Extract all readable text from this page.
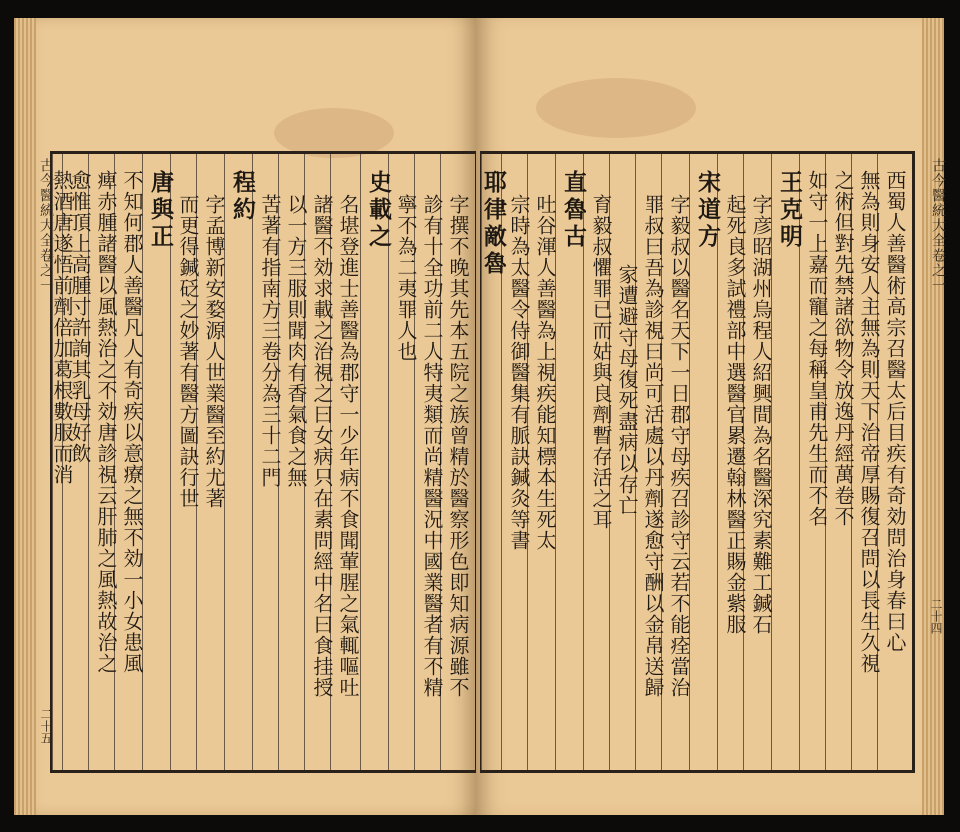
古今醫統大全卷之一
二十五
字撰不晚其先本五院之族曾精於醫察形色即知病源雖不
診有十全功前二人特夷類而尚精醫況中國業醫者有不精
寧不為二夷罪人也
史載之
名堪登進士善醫為郡守一少年病不食聞葷腥之氣輒嘔吐
諸醫不効求載之治視之曰女病只在素問經中名曰食挂授
以一方三服則聞肉有香氣食之無
苦著有指南方三卷分為三十二門
程約
字孟博新安婺源人世業醫至約尤著
而更得鍼砭之妙著有醫方圖訣行世
唐與正
不知何郡人善醫凡人有奇疾以意療之無不効一小女患風
痺赤腫諸醫以風熱治之不効唐診視云肝肺之風熱故治之
愈惟頂上高腫寸許詢其乳母好飲
熱酒唐遂悟前劑倍加葛根數服而消	古今醫統大全卷之一
二十四
西蜀人善醫術高宗召醫太后目疾有奇効問治身春曰心
無為則身安人主無為則天下治帝厚賜復召問以長生久視
之術但對先禁諸欲物令放逸丹經萬卷不
如守一上嘉而寵之每稱皇甫先生而不名
王克明
字彦昭湖州烏程人紹興間為名醫深究素難工鍼石
起死良多試禮部中選醫官累遷翰林醫正賜金紫服
宋道方
字毅叔以醫名天下一日郡守母疾召診守云若不能痊當治
罪叔曰吾為診視曰尚可活處以丹劑遂愈守酬以金帛送歸
家遭避守母復死盡病以存亡
育毅叔懼罪已而姑與良劑暫存活之耳
直魯古
吐谷渾人善醫為上視疾能知標本生死太
宗時為太醫令侍御醫集有脈訣鍼灸等書
耶律敵魯
